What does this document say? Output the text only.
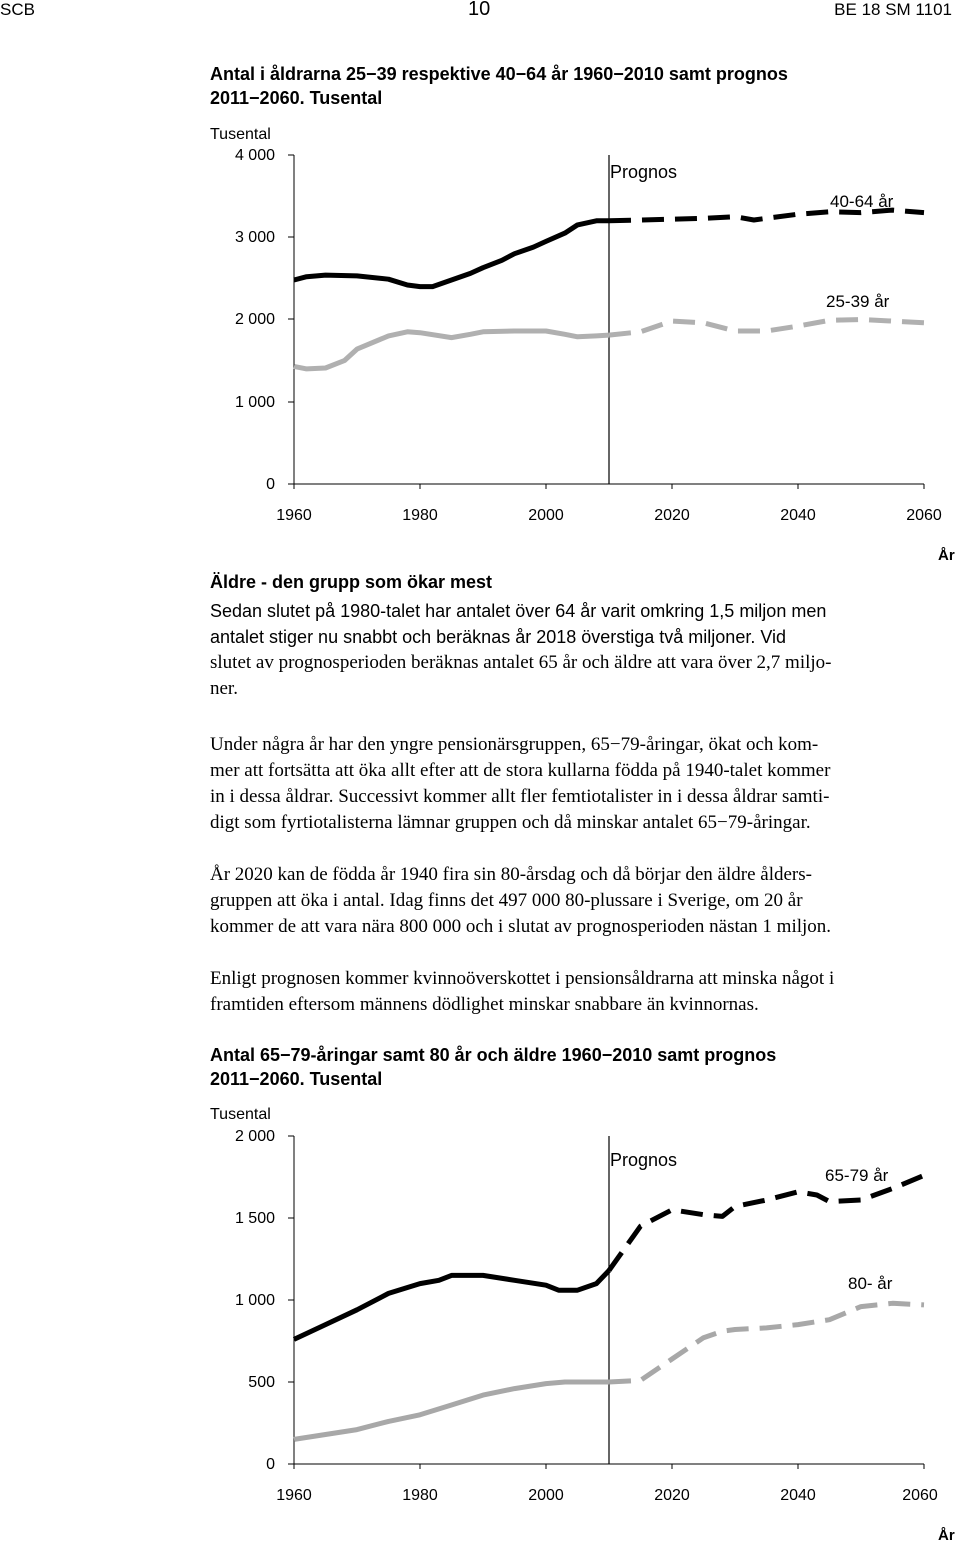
SCB	10	BE 18 SM 1101
Antal i åldrarna 25−39 respektive 40−64 år 1960−2010 samt prognos
2011−2060. Tusental
Tusental
0
1 000
2 000
3 000
4 000
1960	1980	2000	2020	2040	2060
År
Prognos
40-64 år
25-39 år
Äldre - den grupp som ökar mest
Sedan slutet på 1980-talet har antalet över 64 år varit omkring 1,5 miljon men
antalet stiger nu snabbt och beräknas år 2018 överstiga två miljoner. Vid
slutet av prognosperioden beräknas antalet 65 år och äldre att vara över 2,7 miljo-
ner.
Under några år har den yngre pensionärsgruppen, 65−79-åringar, ökat och kom-
mer att fortsätta att öka allt efter att de stora kullarna födda på 1940-talet kommer
in i dessa åldrar. Successivt kommer allt fler femtiotalister in i dessa åldrar samti-
digt som fyrtiotalisterna lämnar gruppen och då minskar antalet 65−79-åringar.
År 2020 kan de födda år 1940 fira sin 80-årsdag och då börjar den äldre ålders-
gruppen att öka i antal. Idag finns det 497 000 80-plussare i Sverige, om 20 år
kommer de att vara nära 800 000 och i slutat av prognosperioden nästan 1 miljon.
Enligt prognosen kommer kvinnoöverskottet i pensionsåldrarna att minska något i
framtiden eftersom männens dödlighet minskar snabbare än kvinnornas.
Antal 65−79-åringar samt 80 år och äldre 1960−2010 samt prognos
2011−2060. Tusental
Tusental
0
500
1 000
1 500
2 000
1960	1980	2000	2020	2040	2060
År
Prognos
65-79 år
80- år
